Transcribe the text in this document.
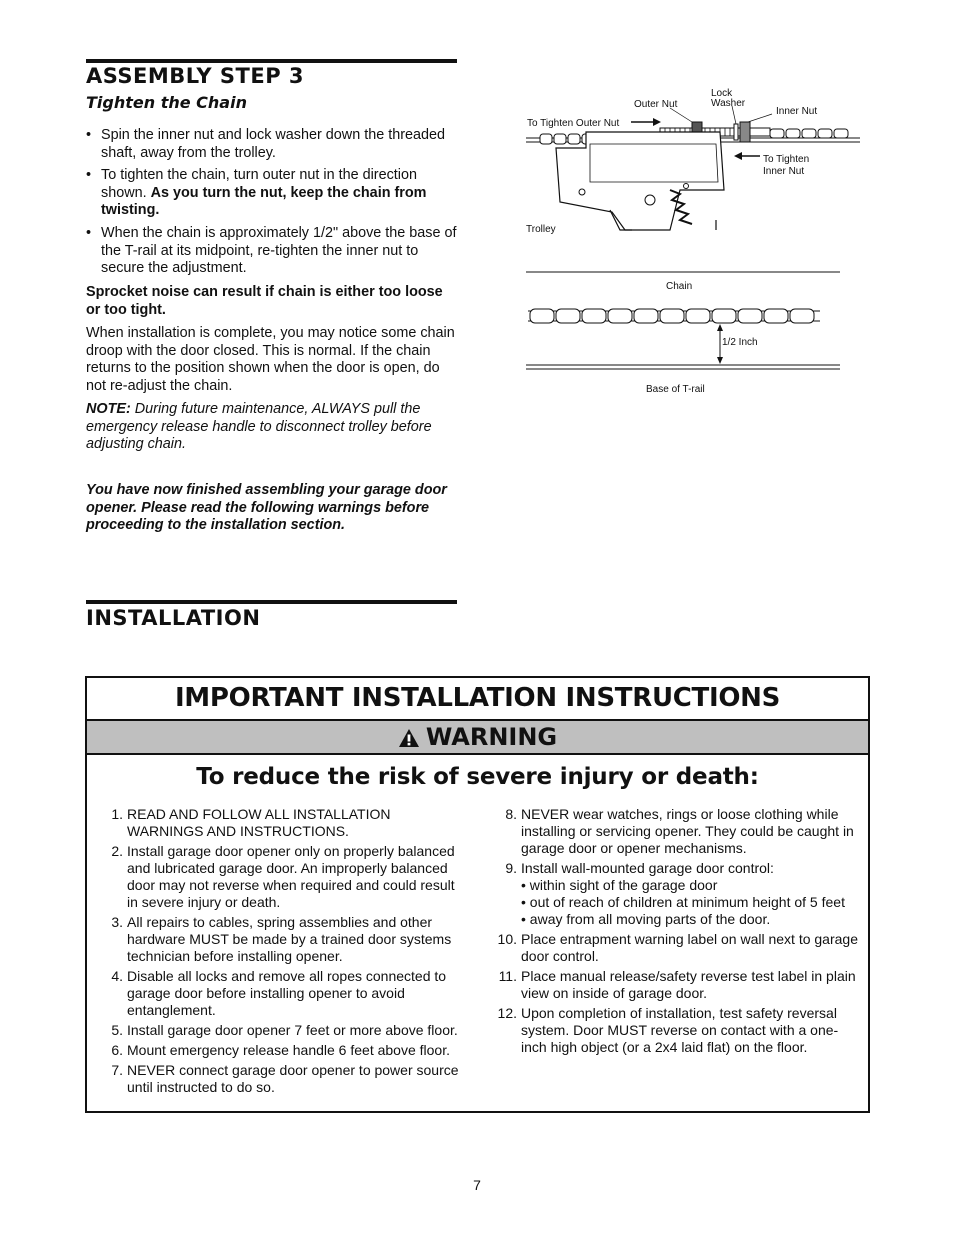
ASSEMBLY STEP 3
Tighten the Chain
• Spin the inner nut and lock washer down the threaded shaft, away from the trolley.
• To tighten the chain, turn outer nut in the direction shown. As you turn the nut, keep the chain from twisting.
• When the chain is approximately 1/2" above the base of the T-rail at its midpoint, re-tighten the inner nut to secure the adjustment.
Sprocket noise can result if chain is either too loose or too tight.
When installation is complete, you may notice some chain droop with the door closed. This is normal. If the chain returns to the position shown when the door is open, do not re-adjust the chain.
NOTE: During future maintenance, ALWAYS pull the emergency release handle to disconnect trolley before adjusting chain.
You have now finished assembling your garage door opener. Please read the following warnings before proceeding to the installation section.
INSTALLATION
Outer Nut
Lock
Washer
Inner Nut
To Tighten Outer Nut
To Tighten
Inner Nut
Trolley
Chain
1/2 Inch
Base of T-rail
IMPORTANT INSTALLATION INSTRUCTIONS
WARNING
To reduce the risk of severe injury or death:
1. READ AND FOLLOW ALL INSTALLATION WARNINGS AND INSTRUCTIONS.
2. Install garage door opener only on properly balanced and lubricated garage door. An improperly balanced door may not reverse when required and could result in severe injury or death.
3. All repairs to cables, spring assemblies and other hardware MUST be made by a trained door systems technician before installing opener.
4. Disable all locks and remove all ropes connected to garage door before installing opener to avoid entanglement.
5. Install garage door opener 7 feet or more above floor.
6. Mount emergency release handle 6 feet above floor.
7. NEVER connect garage door opener to power source until instructed to do so.
8. NEVER wear watches, rings or loose clothing while installing or servicing opener. They could be caught in garage door or opener mechanisms.
9. Install wall-mounted garage door control:
• within sight of the garage door
• out of reach of children at minimum height of 5 feet
• away from all moving parts of the door.
10. Place entrapment warning label on wall next to garage door control.
11. Place manual release/safety reverse test label in plain view on inside of garage door.
12. Upon completion of installation, test safety reversal system. Door MUST reverse on contact with a one-inch high object (or a 2x4 laid flat) on the floor.
7
